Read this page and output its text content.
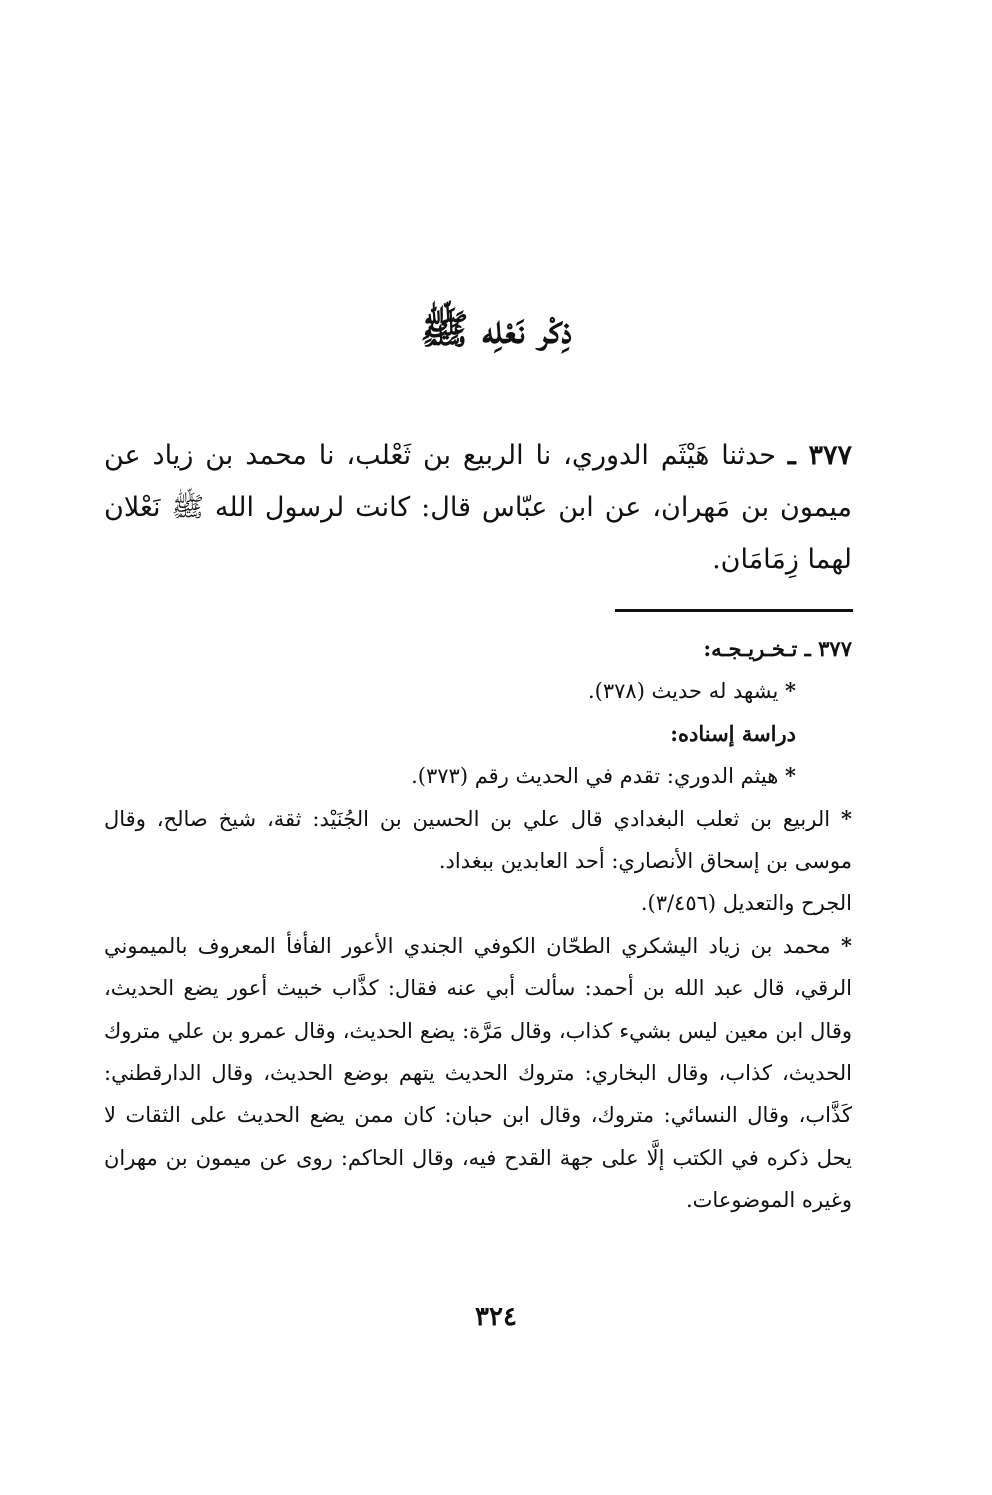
ذِكْر نَعْلِه ﷺ
٣٧٧ ـ حدثنا هَيْثَم الدوري، نا الربيع بن ثَعْلب، نا محمد بن زياد عن ميمون بن مَهران، عن ابن عبّاس قال: كانت لرسول الله ﷺ نَعْلان لهما زِمَامَان.

٣٧٧ ـ تـخـريـجـه:

* يشهد له حديث (٣٧٨).

دراسة إسناده:

* هيثم الدوري: تقدم في الحديث رقم (٣٧٣).

* الربيع بن ثعلب البغدادي قال علي بن الحسين بن الجُنَيْد: ثقة، شيخ صالح، وقال موسى بن إسحاق الأنصاري: أحد العابدين ببغداد.

الجرح والتعديل (٣/٤٥٦).

* محمد بن زياد اليشكري الطحّان الكوفي الجندي الأعور الفأفأ المعروف بالميموني الرقي، قال عبد الله بن أحمد: سألت أبي عنه فقال: كذَّاب خبيث أعور يضع الحديث، وقال ابن معين ليس بشيء كذاب، وقال مَرَّة: يضع الحديث، وقال عمرو بن علي متروك الحديث، كذاب، وقال البخاري: متروك الحديث يتهم بوضع الحديث، وقال الدارقطني: كَذَّاب، وقال النسائي: متروك، وقال ابن حبان: كان ممن يضع الحديث على الثقات لا يحل ذكره في الكتب إلَّا على جهة القدح فيه، وقال الحاكم: روى عن ميمون بن مهران وغيره الموضوعات.

٣٢٤
